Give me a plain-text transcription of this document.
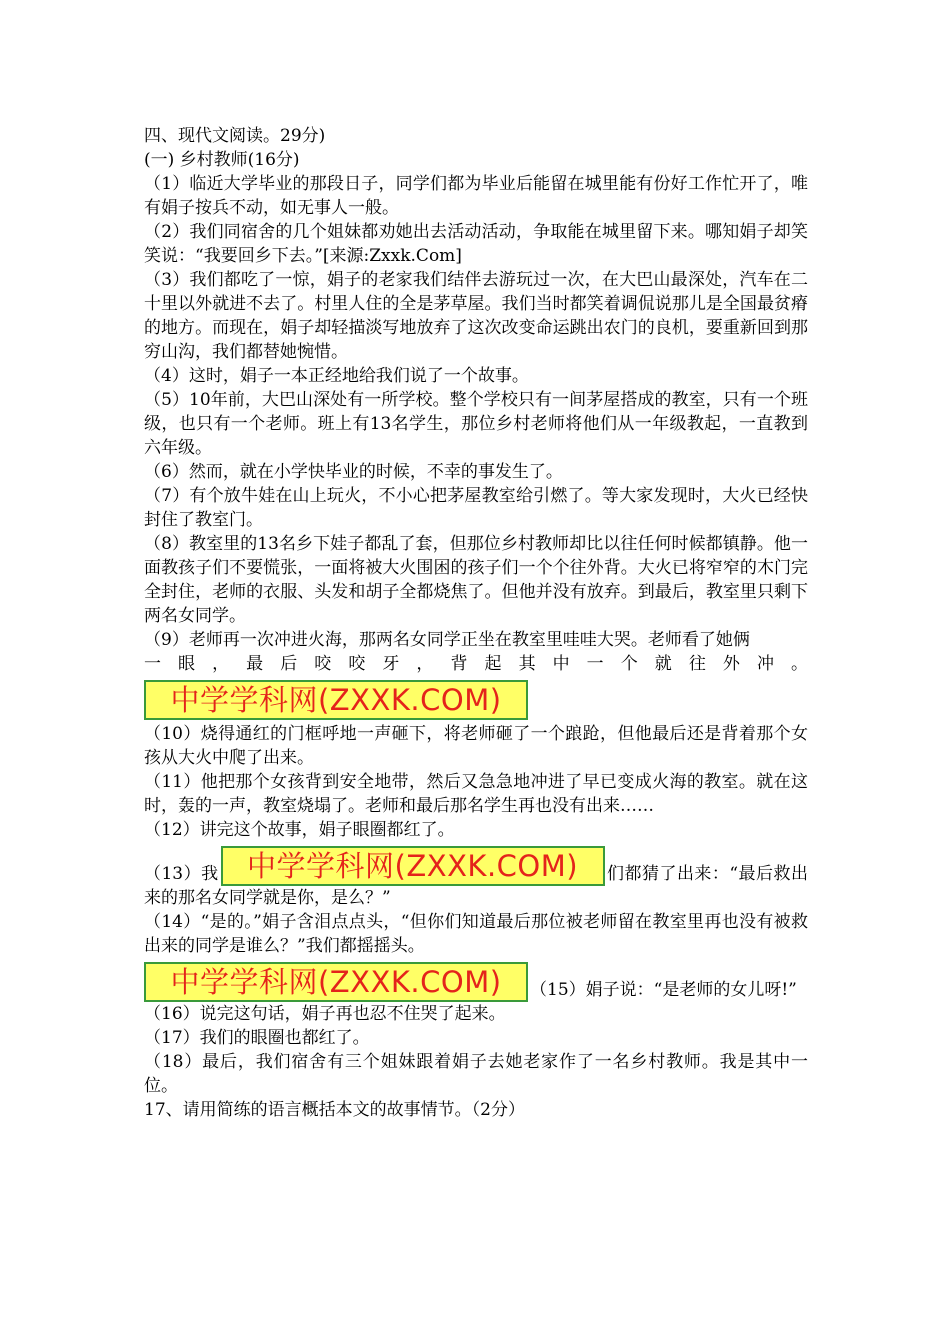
四、现代文阅读。29分)

(一) 乡村教师(16分)

（1）临近大学毕业的那段日子，同学们都为毕业后能留在城里能有份好工作忙开了，唯有娟子按兵不动，如无事人一般。

（2）我们同宿舍的几个姐妹都劝她出去活动活动，争取能在城里留下来。哪知娟子却笑笑说：“我要回乡下去。”[来源:Zxxk.Com]

（3）我们都吃了一惊，娟子的老家我们结伴去游玩过一次，在大巴山最深处，汽车在二十里以外就进不去了。村里人住的全是茅草屋。我们当时都笑着调侃说那儿是全国最贫瘠的地方。而现在，娟子却轻描淡写地放弃了这次改变命运跳出农门的良机，要重新回到那穷山沟，我们都替她惋惜。

（4）这时，娟子一本正经地给我们说了一个故事。

（5）10年前，大巴山深处有一所学校。整个学校只有一间茅屋搭成的教室，只有一个班级，也只有一个老师。班上有13名学生，那位乡村老师将他们从一年级教起，一直教到六年级。

（6）然而，就在小学快毕业的时候，不幸的事发生了。

（7）有个放牛娃在山上玩火，不小心把茅屋教室给引燃了。等大家发现时，大火已经快封住了教室门。

（8）教室里的13名乡下娃子都乱了套，但那位乡村教师却比以往任何时候都镇静。他一面教孩子们不要慌张，一面将被大火围困的孩子们一个个往外背。大火已将窄窄的木门完全封住，老师的衣服、头发和胡子全都烧焦了。但他并没有放弃。到最后，教室里只剩下两名女同学。

（9）老师再一次冲进火海，那两名女同学正坐在教室里哇哇大哭。老师看了她俩

一眼，最后咬咬牙，背起其中一个就往外冲。

中学学科网(ZXXK.COM)

（10）烧得通红的门框呼地一声砸下，将老师砸了一个踉跄，但他最后还是背着那个女孩从大火中爬了出来。

（11）他把那个女孩背到安全地带，然后又急急地冲进了早已变成火海的教室。就在这时，轰的一声，教室烧塌了。老师和最后那名学生再也没有出来……

（12）讲完这个故事，娟子眼圈都红了。

（13）我 中学学科网(ZXXK.COM) 们都猜了出来：“最后救出来的那名女同学就是你，是么？”

（14）“是的。”娟子含泪点点头，“但你们知道最后那位被老师留在教室里再也没有被救出来的同学是谁么？”我们都摇摇头。

中学学科网(ZXXK.COM) （15）娟子说：“是老师的女儿呀!”

（16）说完这句话，娟子再也忍不住哭了起来。

（17）我们的眼圈也都红了。

（18）最后，我们宿舍有三个姐妹跟着娟子去她老家作了一名乡村教师。我是其中一位。

17、请用简练的语言概括本文的故事情节。（2分）
